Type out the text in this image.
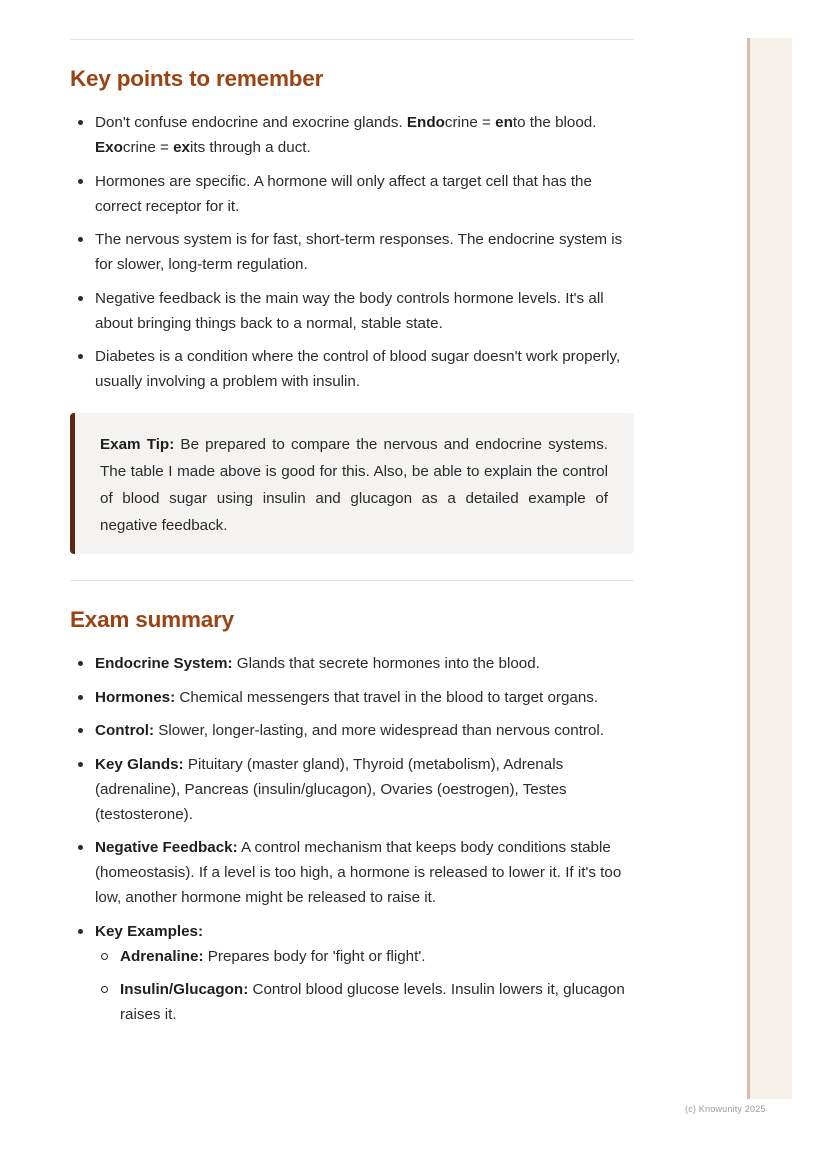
Key points to remember
Don't confuse endocrine and exocrine glands. Endocrine = ento the blood. Exocrine = exits through a duct.
Hormones are specific. A hormone will only affect a target cell that has the correct receptor for it.
The nervous system is for fast, short-term responses. The endocrine system is for slower, long-term regulation.
Negative feedback is the main way the body controls hormone levels. It's all about bringing things back to a normal, stable state.
Diabetes is a condition where the control of blood sugar doesn't work properly, usually involving a problem with insulin.

Exam Tip: Be prepared to compare the nervous and endocrine systems. The table I made above is good for this. Also, be able to explain the control of blood sugar using insulin and glucagon as a detailed example of negative feedback.

Exam summary
Endocrine System: Glands that secrete hormones into the blood.
Hormones: Chemical messengers that travel in the blood to target organs.
Control: Slower, longer-lasting, and more widespread than nervous control.
Key Glands: Pituitary (master gland), Thyroid (metabolism), Adrenals (adrenaline), Pancreas (insulin/glucagon), Ovaries (oestrogen), Testes (testosterone).
Negative Feedback: A control mechanism that keeps body conditions stable (homeostasis). If a level is too high, a hormone is released to lower it. If it's too low, another hormone might be released to raise it.
Key Examples:
Adrenaline: Prepares body for 'fight or flight'.
Insulin/Glucagon: Control blood glucose levels. Insulin lowers it, glucagon raises it.
(c) Knowunity 2025
